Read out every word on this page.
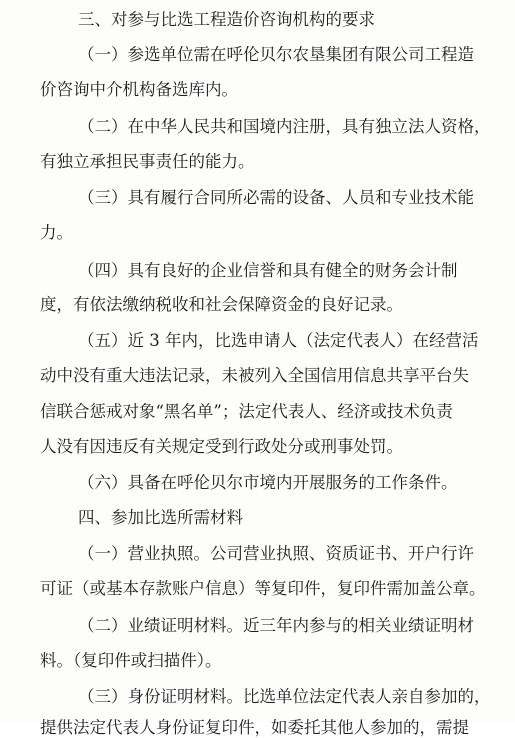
三、对参与比选工程造价咨询机构的要求
（一）参选单位需在呼伦贝尔农垦集团有限公司工程造
价咨询中介机构备选库内。
（二）在中华人民共和国境内注册，具有独立法人资格，
有独立承担民事责任的能力。
（三）具有履行合同所必需的设备、人员和专业技术能
力。
（四）具有良好的企业信誉和具有健全的财务会计制
度，有依法缴纳税收和社会保障资金的良好记录。
（五）近 3 年内，比选申请人（法定代表人）在经营活
动中没有重大违法记录，未被列入全国信用信息共享平台失
信联合惩戒对象“黑名单”；法定代表人、经济或技术负责
人没有因违反有关规定受到行政处分或刑事处罚。
（六）具备在呼伦贝尔市境内开展服务的工作条件。
四、参加比选所需材料
（一）营业执照。公司营业执照、资质证书、开户行许
可证（或基本存款账户信息）等复印件，复印件需加盖公章。
（二）业绩证明材料。近三年内参与的相关业绩证明材
料。（复印件或扫描件）。
（三）身份证明材料。比选单位法定代表人亲自参加的，
提供法定代表人身份证复印件，如委托其他人参加的，需提
